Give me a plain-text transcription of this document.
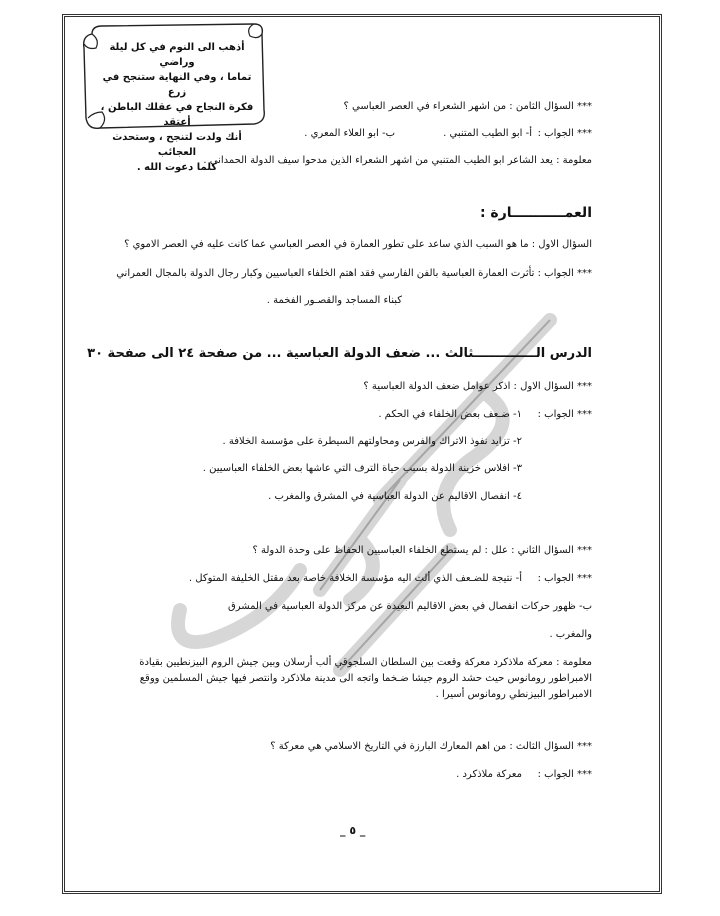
أذهب الى النوم في كل ليلة وراضي
تماما ، وفي النهاية ستنجح في زرع
فكرة النجاح في عقلك الباطن ، أعتقد
أنك ولدت لتنجح ، وستحدث العجائب
كلما دعوت الله .
*** السؤال الثامن : من اشهر الشعراء في العصر العباسي ؟
*** الجواب :
أ- ابو الطيب المتنبي .
ب- ابو العلاء المعري .
معلومة : يعد الشاعر ابو الطيب المتنبي من اشهر الشعراء الذين مدحوا سيف الدولة الحمداني .
العمـــــــــــارة :
السؤال الاول : ما هو السبب الذي ساعد على تطور العمارة في العصر العباسي عما كانت عليه في العصر الاموي ؟
*** الجواب : تأثرت العمارة العباسية بالفن الفارسي فقد اهتم الخلفاء العباسيين وكبار رجال الدولة بالمجال العمراني
كبناء المساجد والقصـور الفخمة .
الدرس الــــــــــــــثالث ... ضعف الدولة العباسية ... من صفحة ٢٤ الى صفحة ٣٠
*** السؤال الاول : اذكر عوامل ضعف الدولة العباسية ؟
*** الجواب :
١- ضـعف بعض الخلفاء في الحكم .
٢- تزايد نفوذ الاتراك والفرس ومحاولتهم السيطرة على مؤسسة الخلافة .
٣- افلاس خزينة الدولة بسبب حياة الترف التي عاشها بعض الخلفاء العباسيين .
٤- انفصال الاقاليم عن الدولة العباسية في المشرق والمغرب .
*** السؤال الثاني : علل : لم يستطع الخلفاء العباسيين الحفاظ على وحدة الدولة ؟
*** الجواب :
أ- نتيجة للضـعف الذي ألت اليه مؤسسة الخلافة خاصة بعد مقتل الخليفة المتوكل .
ب- ظهور حركات انفصال في بعض الاقاليم البعيدة عن مركز الدولة العباسية في المشرق
والمغرب .
معلومة : معركة ملاذكرد معركة وقعت بين السلطان السلجوقي ألب أرسلان وبين جيش الروم البيزنطيين بقيادة
الامبراطور رومانوس حيث حشد الروم جيشا ضـخما واتجه الى مدينة ملاذكرد وانتصر فيها جيش المسلمين ووقع
الامبراطور البيزنطي رومانوس أسيرا .
*** السؤال الثالث : من اهم المعارك البارزة في التاريخ الاسلامي هي معركة ؟
*** الجواب :
معركة ملاذكرد .
_ ٥ _
